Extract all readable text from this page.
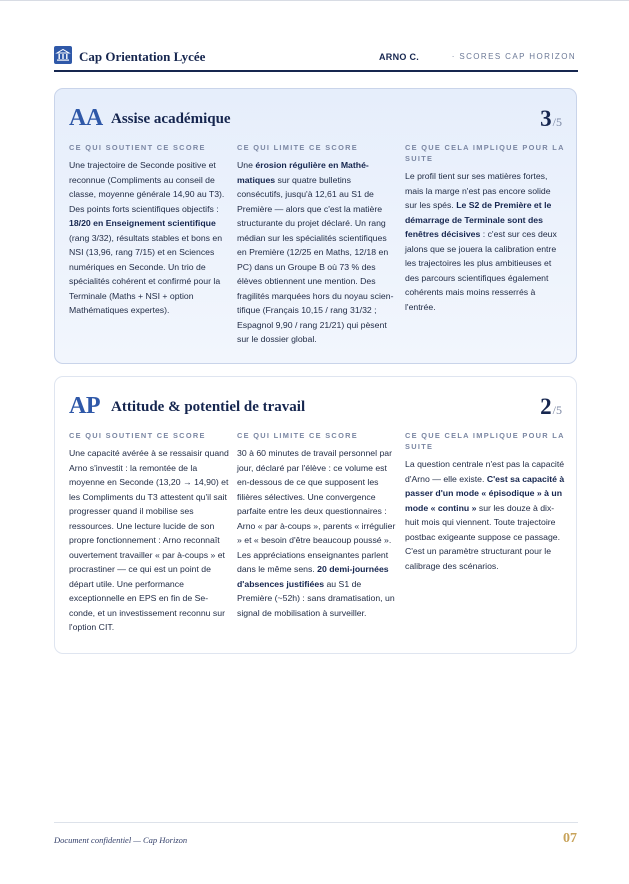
Cap Orientation Lycée	ARNO C.	· SCORES CAP HORIZON
AA Assise académique	3/5
CE QUI SOUTIENT CE SCORE
Une trajectoire de Seconde positive et reconnue (Compliments au conseil de classe, moyenne générale 14,90 au T3). Des points forts scientifiques objectifs : 18/20 en Enseignement scientifique (rang 3/32), résultats stables et bons en NSI (13,96, rang 7/15) et en Sciences numériques en Seconde. Un trio de spécialités cohérent et confirmé pour la Terminale (Maths + NSI + option Mathématiques expertes).
CE QUI LIMITE CE SCORE
Une érosion régulière en Mathématiques sur quatre bulletins consécutifs, jusqu'à 12,61 au S1 de Première — alors que c'est la matière structurante du projet déclaré. Un rang médian sur les spécialités scientifiques en Première (12/25 en Maths, 12/18 en PC) dans un Groupe B où 73 % des élèves obtiennent une mention. Des fragilités marquées hors du noyau scientifique (Français 10,15 / rang 31/32 ; Espagnol 9,90 / rang 21/21) qui pèsent sur le dossier global.
CE QUE CELA IMPLIQUE POUR LA SUITE
Le profil tient sur ses matières fortes, mais la marge n'est pas encore solide sur les spés. Le S2 de Première et le démarrage de Terminale sont des fenêtres décisives : c'est sur ces deux jalons que se jouera la calibration entre les trajectoires les plus ambitieuses et des parcours scientifiques également cohérents mais moins resserrés à l'entrée.
AP Attitude & potentiel de travail	2/5
CE QUI SOUTIENT CE SCORE
Une capacité avérée à se ressaisir quand Arno s'investit : la remontée de la moyenne en Seconde (13,20 → 14,90) et les Compliments du T3 attestent qu'il sait progresser quand il mobilise ses ressources. Une lecture lucide de son propre fonctionnement : Arno reconnaît ouvertement travailler « par à-coups » et procrastiner — ce qui est un point de départ utile. Une performance exceptionnelle en EPS en fin de Seconde, et un investissement reconnu sur l'option CIT.
CE QUI LIMITE CE SCORE
30 à 60 minutes de travail personnel par jour, déclaré par l'élève : ce volume est en-dessous de ce que supposent les filières sélectives. Une convergence parfaite entre les deux questionnaires : Arno « par à-coups », parents « irrégulier » et « besoin d'être beaucoup poussé ». Les appréciations enseignantes parlent dans le même sens. 20 demi-journées d'absences justifiées au S1 de Première (~52h) : sans dramatisation, un signal de mobilisation à surveiller.
CE QUE CELA IMPLIQUE POUR LA SUITE
La question centrale n'est pas la capacité d'Arno — elle existe. C'est sa capacité à passer d'un mode « épisodique » à un mode « continu » sur les douze à dix-huit mois qui viennent. Toute trajectoire postbac exigeante suppose ce passage. C'est un paramètre structurant pour le calibrage des scénarios.
Document confidentiel — Cap Horizon	07
